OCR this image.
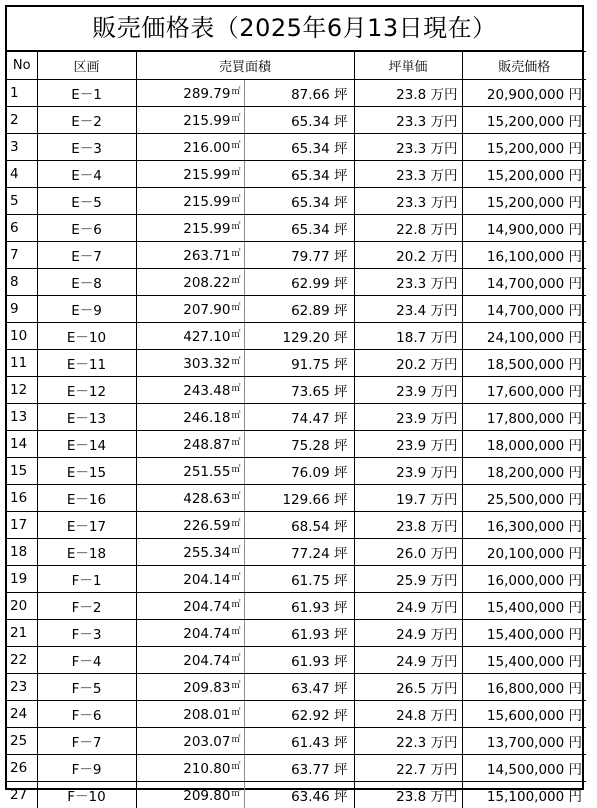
販売価格表（2025年6月13日現在）
No	区画	売買面積		坪単価	販売価格
1	E－1	289.79㎡	87.66 坪	23.8 万円	20,900,000 円
2	E－2	215.99㎡	65.34 坪	23.3 万円	15,200,000 円
3	E－3	216.00㎡	65.34 坪	23.3 万円	15,200,000 円
4	E－4	215.99㎡	65.34 坪	23.3 万円	15,200,000 円
5	E－5	215.99㎡	65.34 坪	23.3 万円	15,200,000 円
6	E－6	215.99㎡	65.34 坪	22.8 万円	14,900,000 円
7	E－7	263.71㎡	79.77 坪	20.2 万円	16,100,000 円
8	E－8	208.22㎡	62.99 坪	23.3 万円	14,700,000 円
9	E－9	207.90㎡	62.89 坪	23.4 万円	14,700,000 円
10	E－10	427.10㎡	129.20 坪	18.7 万円	24,100,000 円
11	E－11	303.32㎡	91.75 坪	20.2 万円	18,500,000 円
12	E－12	243.48㎡	73.65 坪	23.9 万円	17,600,000 円
13	E－13	246.18㎡	74.47 坪	23.9 万円	17,800,000 円
14	E－14	248.87㎡	75.28 坪	23.9 万円	18,000,000 円
15	E－15	251.55㎡	76.09 坪	23.9 万円	18,200,000 円
16	E－16	428.63㎡	129.66 坪	19.7 万円	25,500,000 円
17	E－17	226.59㎡	68.54 坪	23.8 万円	16,300,000 円
18	E－18	255.34㎡	77.24 坪	26.0 万円	20,100,000 円
19	F－1	204.14㎡	61.75 坪	25.9 万円	16,000,000 円
20	F－2	204.74㎡	61.93 坪	24.9 万円	15,400,000 円
21	F－3	204.74㎡	61.93 坪	24.9 万円	15,400,000 円
22	F－4	204.74㎡	61.93 坪	24.9 万円	15,400,000 円
23	F－5	209.83㎡	63.47 坪	26.5 万円	16,800,000 円
24	F－6	208.01㎡	62.92 坪	24.8 万円	15,600,000 円
25	F－7	203.07㎡	61.43 坪	22.3 万円	13,700,000 円
26	F－9	210.80㎡	63.77 坪	22.7 万円	14,500,000 円
27	F－10	209.80㎡	63.46 坪	23.8 万円	15,100,000 円
